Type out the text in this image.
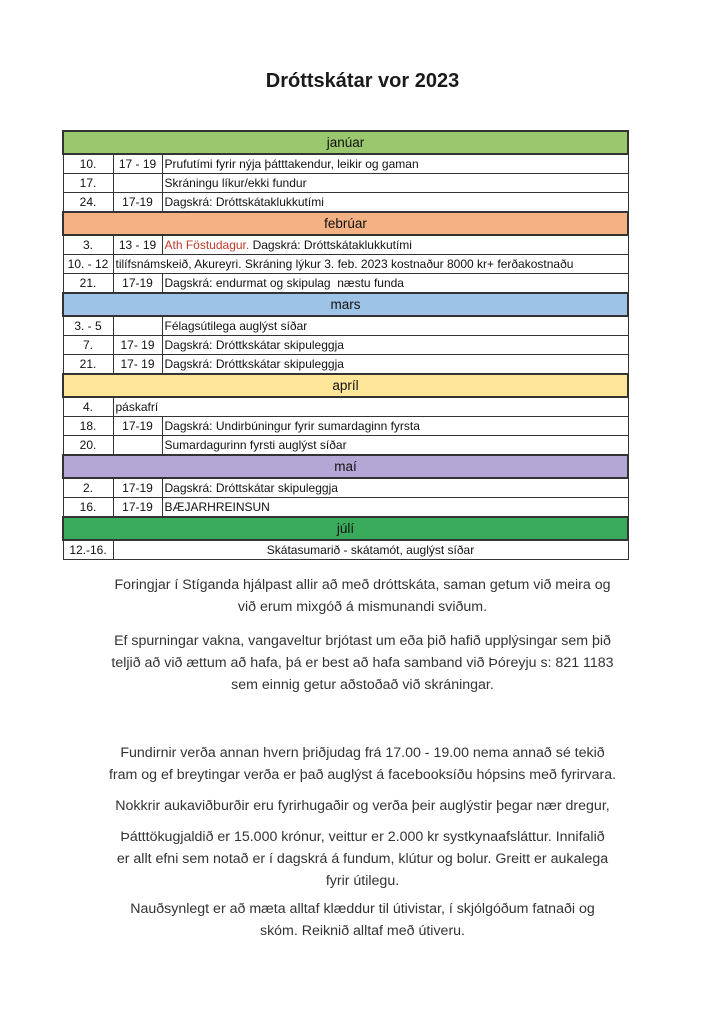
Dróttskátar vor 2023
janúar		
10.	17 - 19	Prufutími fyrir nýja þátttakendur, leikir og gaman
17.		Skráningu líkur/ekki fundur
24.	17-19	Dagskrá: Dróttskátaklukkutími
febrúar		
3.	13 - 19	Ath Föstudagur. Dagskrá: Dróttskátaklukkutími
10. - 12	tilífsnámskeið, Akureyri. Skráning lýkur 3. feb. 2023 kostnaður 8000 kr+ ferðakostnaðu	
21.	17-19	Dagskrá: endurmat og skipulag  næstu funda
mars		
3. - 5		Félagsútilega auglýst síðar
7.	17- 19	Dagskrá: Dróttkskátar skipuleggja
21.	17- 19	Dagskrá: Dróttkskátar skipuleggja
apríl		
4.	páskafrí	
18.	17-19	Dagskrá: Undirbúningur fyrir sumardaginn fyrsta
20.		Sumardagurinn fyrsti auglýst síðar
maí		
2.	17-19	Dagskrá: Dróttskátar skipuleggja
16.	17-19	BÆJARHREINSUN
júlí		
12.-16.	Skátasumarið - skátamót, auglýst síðar	

Foringjar í Stíganda hjálpast allir að með dróttskáta, saman getum við meira og

við erum mixgóð á mismunandi sviðum.

Ef spurningar vakna, vangaveltur brjótast um eða þið hafið upplýsingar sem þið

teljið að við ættum að hafa, þá er best að hafa samband við Þóreyju s: 821 1183

sem einnig getur aðstoðað við skráningar.

Fundirnir verða annan hvern þriðjudag frá 17.00 - 19.00 nema annað sé tekið

fram og ef breytingar verða er það auglýst á facebooksíðu hópsins með fyrirvara.

Nokkrir aukaviðburðir eru fyrirhugaðir og verða þeir auglýstir þegar nær dregur,

Þátttökugjaldið er 15.000 krónur, veittur er 2.000 kr systkynaafsláttur. Innifalið

er allt efni sem notað er í dagskrá á fundum, klútur og bolur. Greitt er aukalega

fyrir útilegu.

Nauðsynlegt er að mæta alltaf klæddur til útivistar, í skjólgóðum fatnaði og

skóm. Reiknið alltaf með útiveru.
